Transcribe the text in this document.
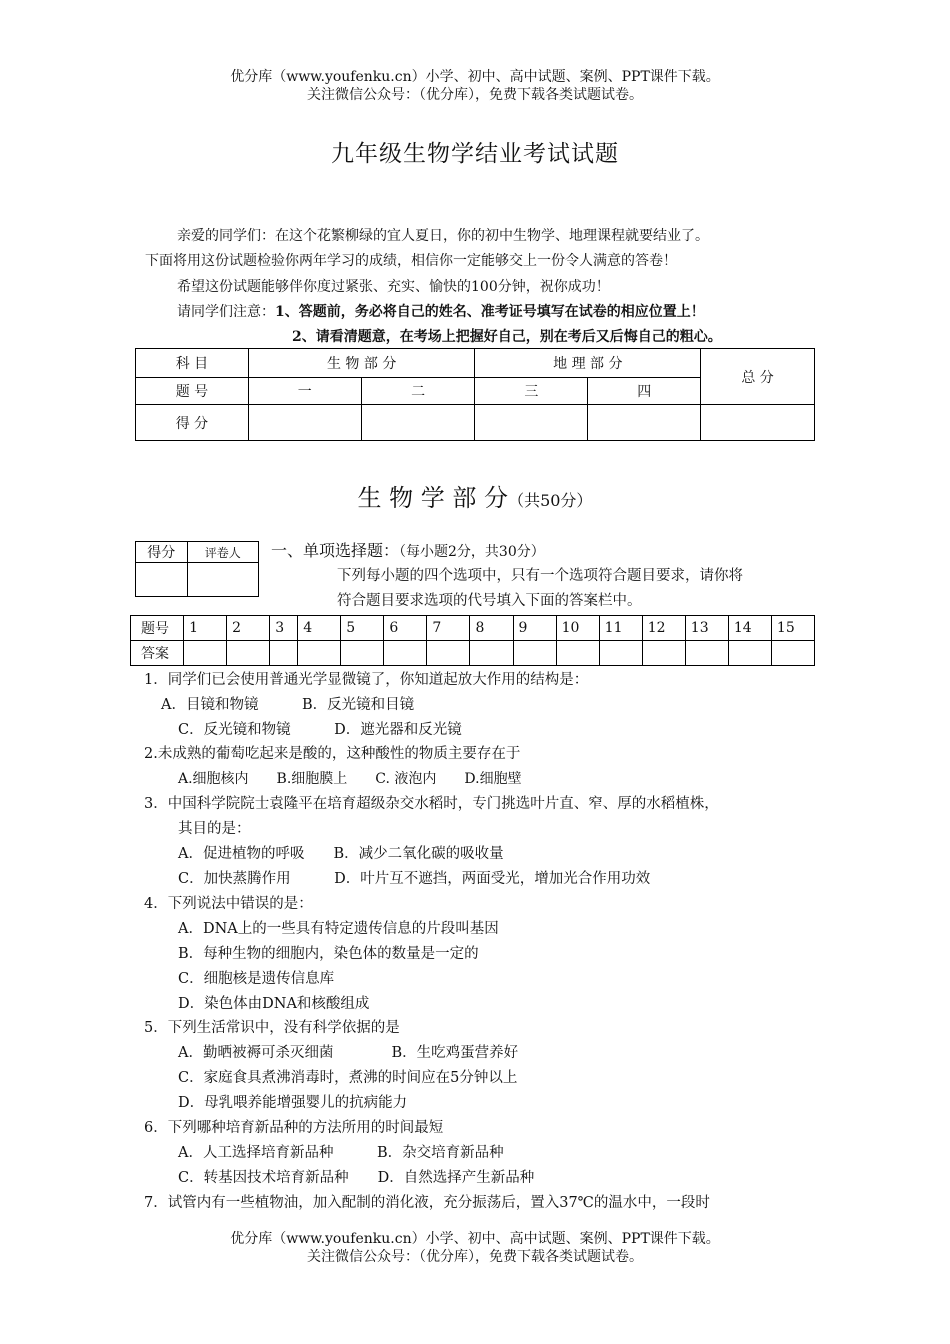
优分库（www.youfenku.cn）小学、初中、高中试题、案例、PPT课件下载。
关注微信公众号：（优分库），免费下载各类试题试卷。
九年级生物学结业考试试题
亲爱的同学们：在这个花繁柳绿的宜人夏日，你的初中生物学、地理课程就要结业了。
下面将用这份试题检验你两年学习的成绩，相信你一定能够交上一份令人满意的答卷！
希望这份试题能够伴你度过紧张、充实、愉快的100分钟，祝你成功！
请同学们注意：1、答题前，务必将自己的姓名、准考证号填写在试卷的相应位置上！
2、请看清题意，在考场上把握好自己，别在考后又后悔自己的粗心。
科 目	生 物 部 分		地 理 部 分		总 分
题 号	一	二	三	四	
得 分					
生 物 学 部 分（共50分）
得分	评卷人
	一、单项选择题：（每小题2分，共30分）
下列每小题的四个选项中，只有一个选项符合题目要求，请你将
符合题目要求选项的代号填入下面的答案栏中。
题号	1	2	3	4	5	6	7	8	9	10	11	12	13	14	15
答案															
1．同学们已会使用普通光学显微镜了，你知道起放大作用的结构是：
A．目镜和物镜　　　B．反光镜和目镜
C．反光镜和物镜　　　D．遮光器和反光镜
2.未成熟的葡萄吃起来是酸的，这种酸性的物质主要存在于
A.细胞核内　　B.细胞膜上　　C. 液泡内　　D.细胞壁
3．中国科学院院士袁隆平在培育超级杂交水稻时，专门挑选叶片直、窄、厚的水稻植株，
其目的是：
A．促进植物的呼吸　　B．减少二氧化碳的吸收量
C．加快蒸腾作用　　　D．叶片互不遮挡，两面受光，增加光合作用功效
4．下列说法中错误的是：
A．DNA上的一些具有特定遗传信息的片段叫基因
B．每种生物的细胞内，染色体的数量是一定的
C．细胞核是遗传信息库
D．染色体由DNA和核酸组成
5．下列生活常识中，没有科学依据的是
A．勤晒被褥可杀灭细菌　　　　B．生吃鸡蛋营养好
C．家庭食具煮沸消毒时，煮沸的时间应在5分钟以上
D．母乳喂养能增强婴儿的抗病能力
6．下列哪种培育新品种的方法所用的时间最短
A．人工选择培育新品种　　　B．杂交培育新品种
C．转基因技术培育新品种　　D．自然选择产生新品种
7．试管内有一些植物油，加入配制的消化液，充分振荡后，置入37℃的温水中，一段时
优分库（www.youfenku.cn）小学、初中、高中试题、案例、PPT课件下载。
关注微信公众号：（优分库），免费下载各类试题试卷。
